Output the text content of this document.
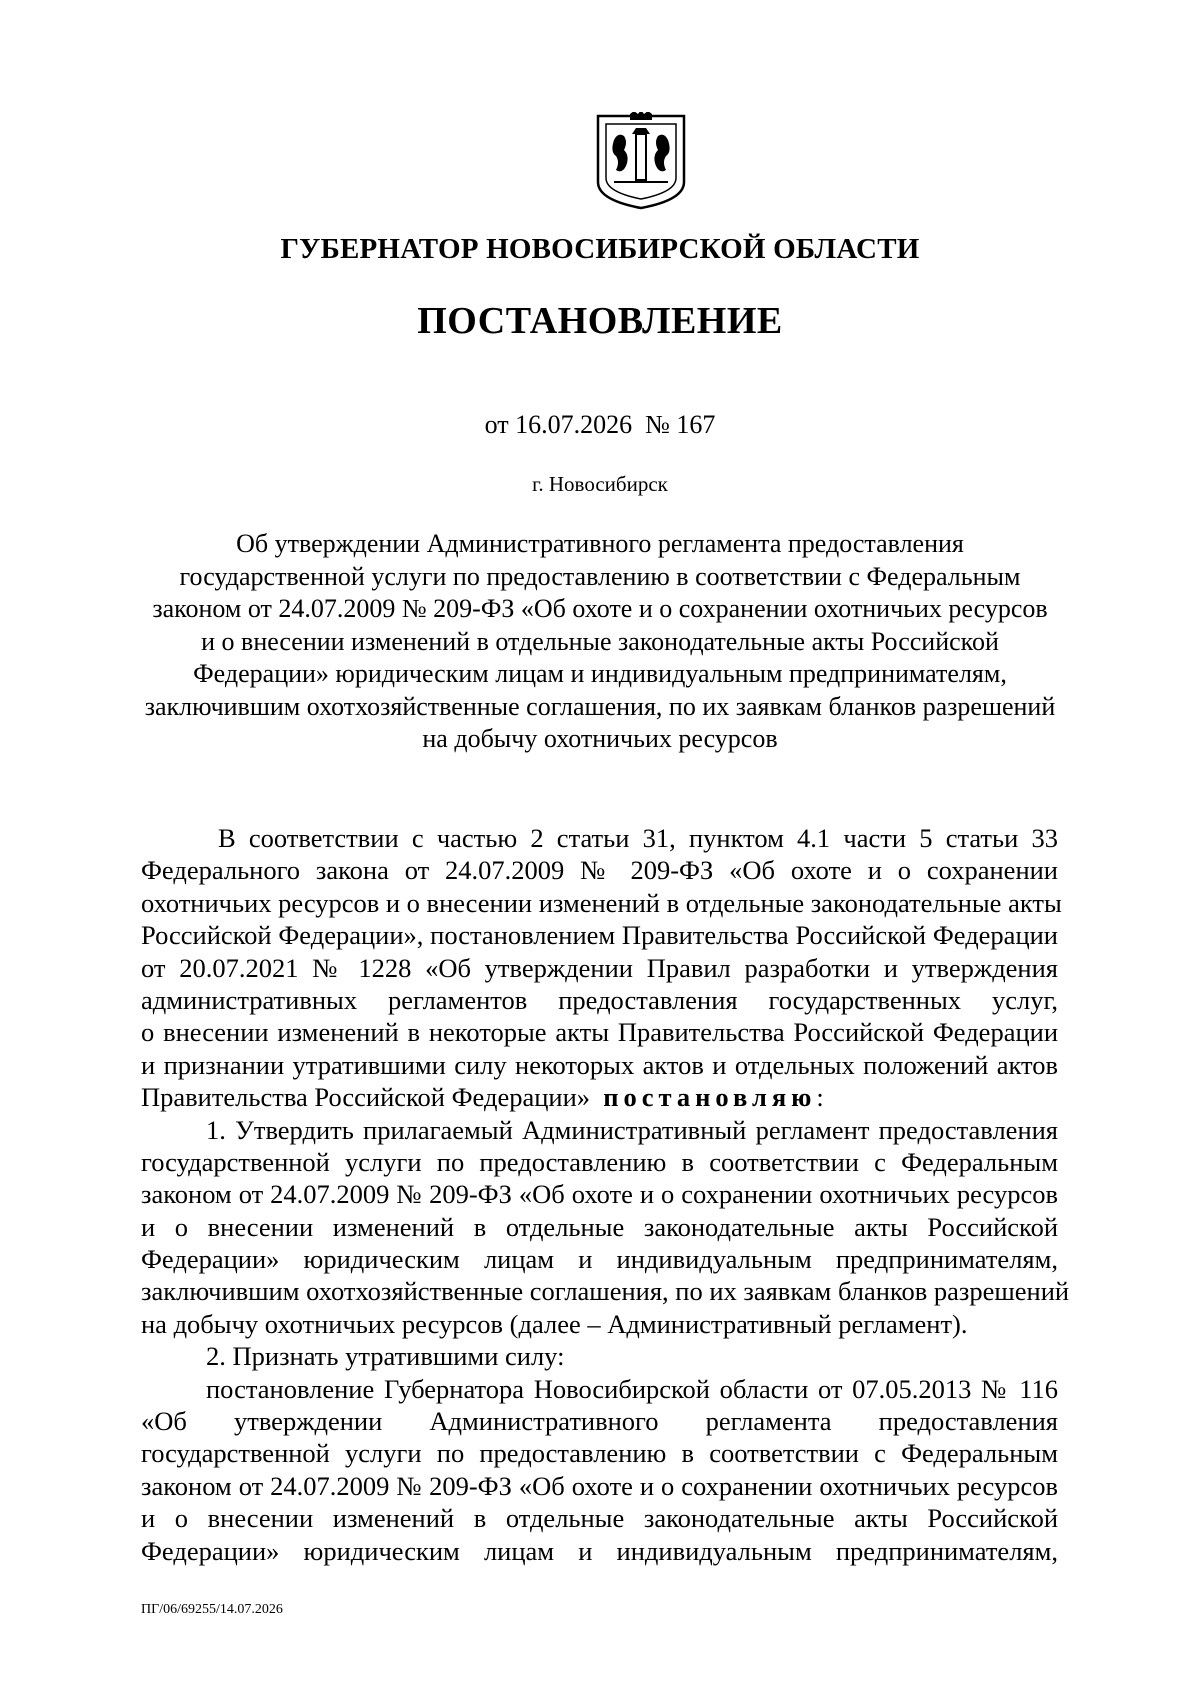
ГУБЕРНАТОР НОВОСИБИРСКОЙ ОБЛАСТИ
ПОСТАНОВЛЕНИЕ
от 16.07.2026  № 167
г. Новосибирск
Об утверждении Административного регламента предоставления
государственной услуги по предоставлению в соответствии с Федеральным
законом от 24.07.2009 № 209-ФЗ «Об охоте и о сохранении охотничьих ресурсов
и о внесении изменений в отдельные законодательные акты Российской
Федерации» юридическим лицам и индивидуальным предпринимателям,
заключившим охотхозяйственные соглашения, по их заявкам бланков разрешений
на добычу охотничьих ресурсов
В соответствии с частью 2 статьи 31, пунктом 4.1 части 5 статьи 33
Федерального закона от 24.07.2009 № 209-ФЗ «Об охоте и о сохранении
охотничьих ресурсов и о внесении изменений в отдельные законодательные акты
Российской Федерации», постановлением Правительства Российской Федерации
от 20.07.2021 № 1228 «Об утверждении Правил разработки и утверждения
административных регламентов предоставления государственных услуг,
о внесении изменений в некоторые акты Правительства Российской Федерации
и признании утратившими силу некоторых актов и отдельных положений актов
Правительства Российской Федерации» постановляю:
1. Утвердить прилагаемый Административный регламент предоставления
государственной услуги по предоставлению в соответствии с Федеральным
законом от 24.07.2009 № 209-ФЗ «Об охоте и о сохранении охотничьих ресурсов
и о внесении изменений в отдельные законодательные акты Российской
Федерации» юридическим лицам и индивидуальным предпринимателям,
заключившим охотхозяйственные соглашения, по их заявкам бланков разрешений
на добычу охотничьих ресурсов (далее – Административный регламент).
2. Признать утратившими силу:
постановление Губернатора Новосибирской области от 07.05.2013 № 116
«Об утверждении Административного регламента предоставления
государственной услуги по предоставлению в соответствии с Федеральным
законом от 24.07.2009 № 209-ФЗ «Об охоте и о сохранении охотничьих ресурсов
и о внесении изменений в отдельные законодательные акты Российской
Федерации» юридическим лицам и индивидуальным предпринимателям,
ПГ/06/69255/14.07.2026
